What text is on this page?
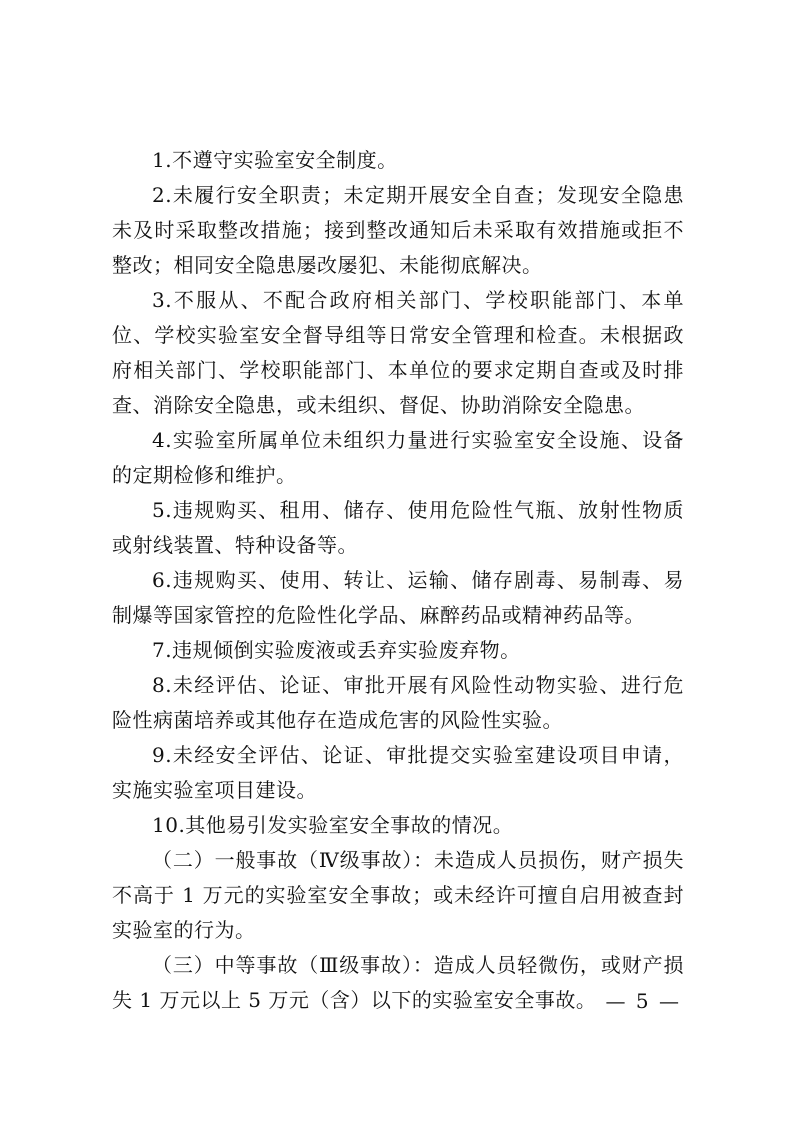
1.不遵守实验室安全制度。

2.未履行安全职责；未定期开展安全自查；发现安全隐患未及时采取整改措施；接到整改通知后未采取有效措施或拒不整改；相同安全隐患屡改屡犯、未能彻底解决。

3.不服从、不配合政府相关部门、学校职能部门、本单位、学校实验室安全督导组等日常安全管理和检查。未根据政府相关部门、学校职能部门、本单位的要求定期自查或及时排查、消除安全隐患，或未组织、督促、协助消除安全隐患。

4.实验室所属单位未组织力量进行实验室安全设施、设备的定期检修和维护。

5.违规购买、租用、储存、使用危险性气瓶、放射性物质或射线装置、特种设备等。

6.违规购买、使用、转让、运输、储存剧毒、易制毒、易制爆等国家管控的危险性化学品、麻醉药品或精神药品等。

7.违规倾倒实验废液或丢弃实验废弃物。

8.未经评估、论证、审批开展有风险性动物实验、进行危险性病菌培养或其他存在造成危害的风险性实验。

9.未经安全评估、论证、审批提交实验室建设项目申请，实施实验室项目建设。

10.其他易引发实验室安全事故的情况。

（二）一般事故（Ⅳ级事故）：未造成人员损伤，财产损失不高于 1 万元的实验室安全事故；或未经许可擅自启用被查封实验室的行为。

（三）中等事故（Ⅲ级事故）：造成人员轻微伤，或财产损失 1 万元以上 5 万元（含）以下的实验室安全事故。 — 5 —
